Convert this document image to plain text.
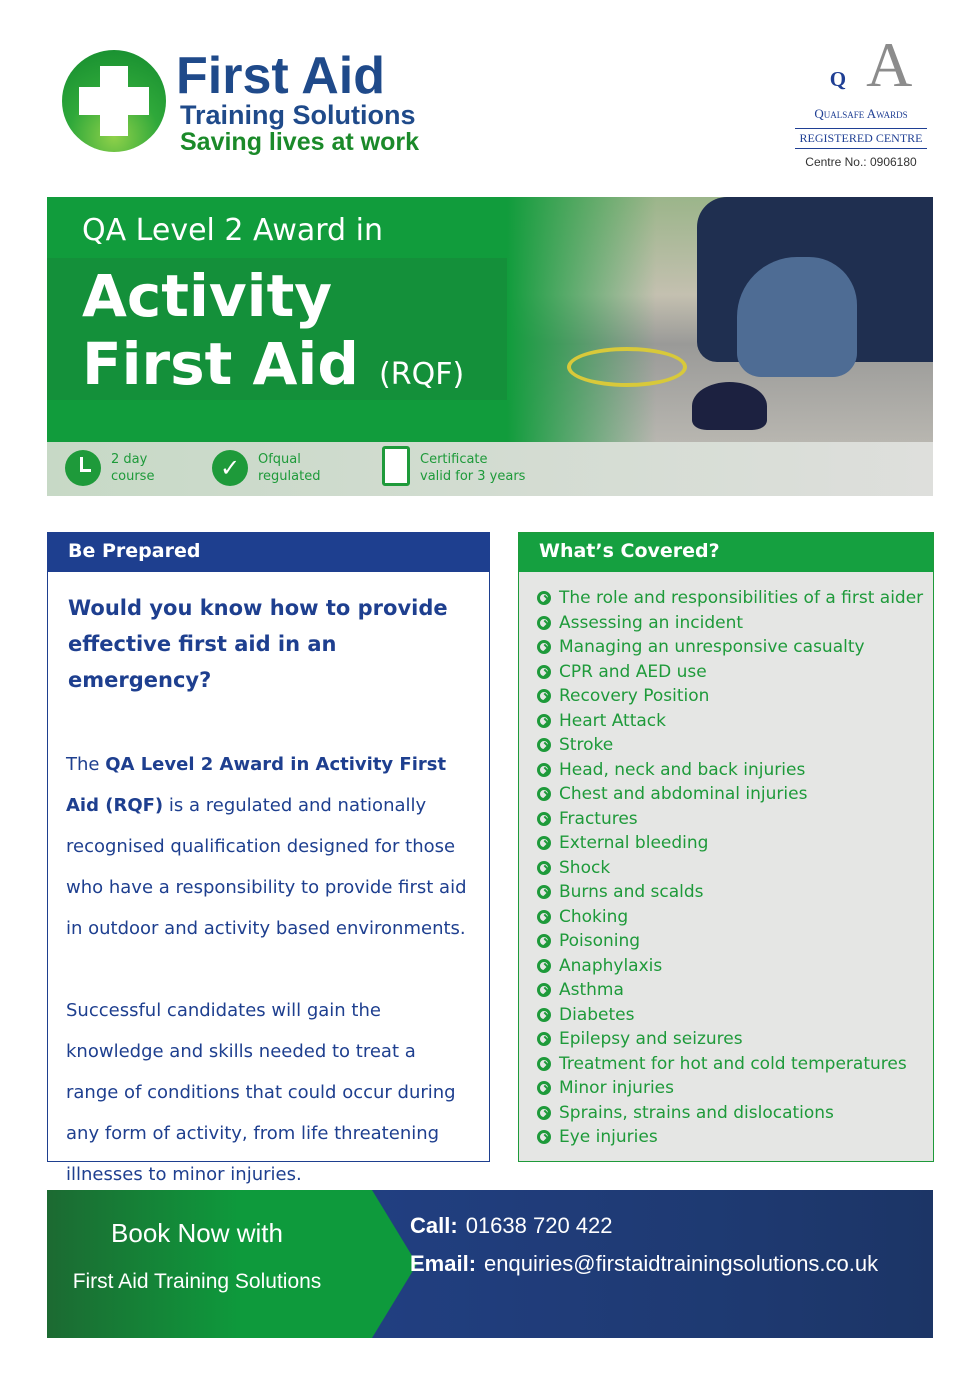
First Aid
Training Solutions
Saving lives at work
Q A
Qualsafe Awards
REGISTERED CENTRE
Centre No.: 0906180
QA Level 2 Award in
Activity
First Aid (RQF)
2 day
course	✓	Ofqual
regulated
Certificate
valid for 3 years
Be Prepared
Would you know how to provide effective first aid in an emergency?

The QA Level 2 Award in Activity First Aid (RQF) is a regulated and nationally recognised qualification designed for those who have a responsibility to provide first aid in outdoor and activity based environments.

Successful candidates will gain the knowledge and skills needed to treat a range of conditions that could occur during any form of activity, from life threatening illnesses to minor injuries.

What’s Covered?
The role and responsibilities of a first aider
Assessing an incident
Managing an unresponsive casualty
CPR and AED use
Recovery Position
Heart Attack
Stroke
Head, neck and back injuries
Chest and abdominal injuries
Fractures
External bleeding
Shock
Burns and scalds
Choking
Poisoning
Anaphylaxis
Asthma
Diabetes
Epilepsy and seizures
Treatment for hot and cold temperatures
Minor injuries
Sprains, strains and dislocations
Eye injuries
Book Now with
First Aid Training Solutions
Call: 01638 720 422
Email: enquiries@firstaidtrainingsolutions.co.uk
